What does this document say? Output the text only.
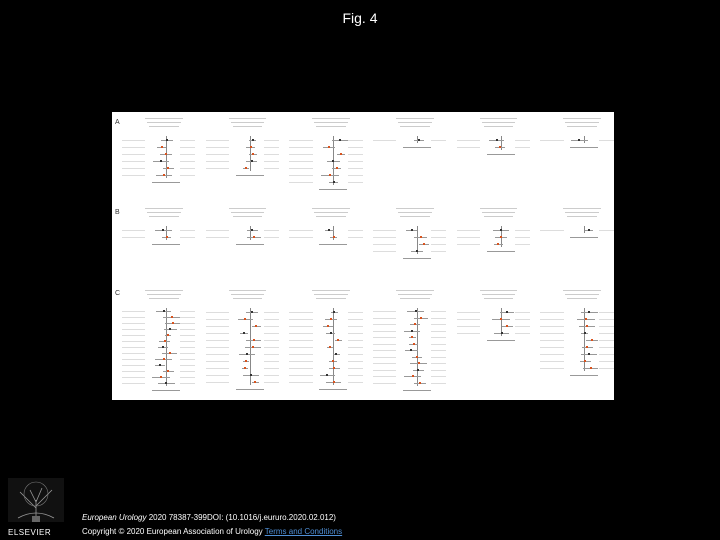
Fig. 4
A
B
C
ELSEVIER
European Urology 2020 78387-399DOI: (10.1016/j.eururo.2020.02.012)
Copyright © 2020 European Association of Urology Terms and Conditions
